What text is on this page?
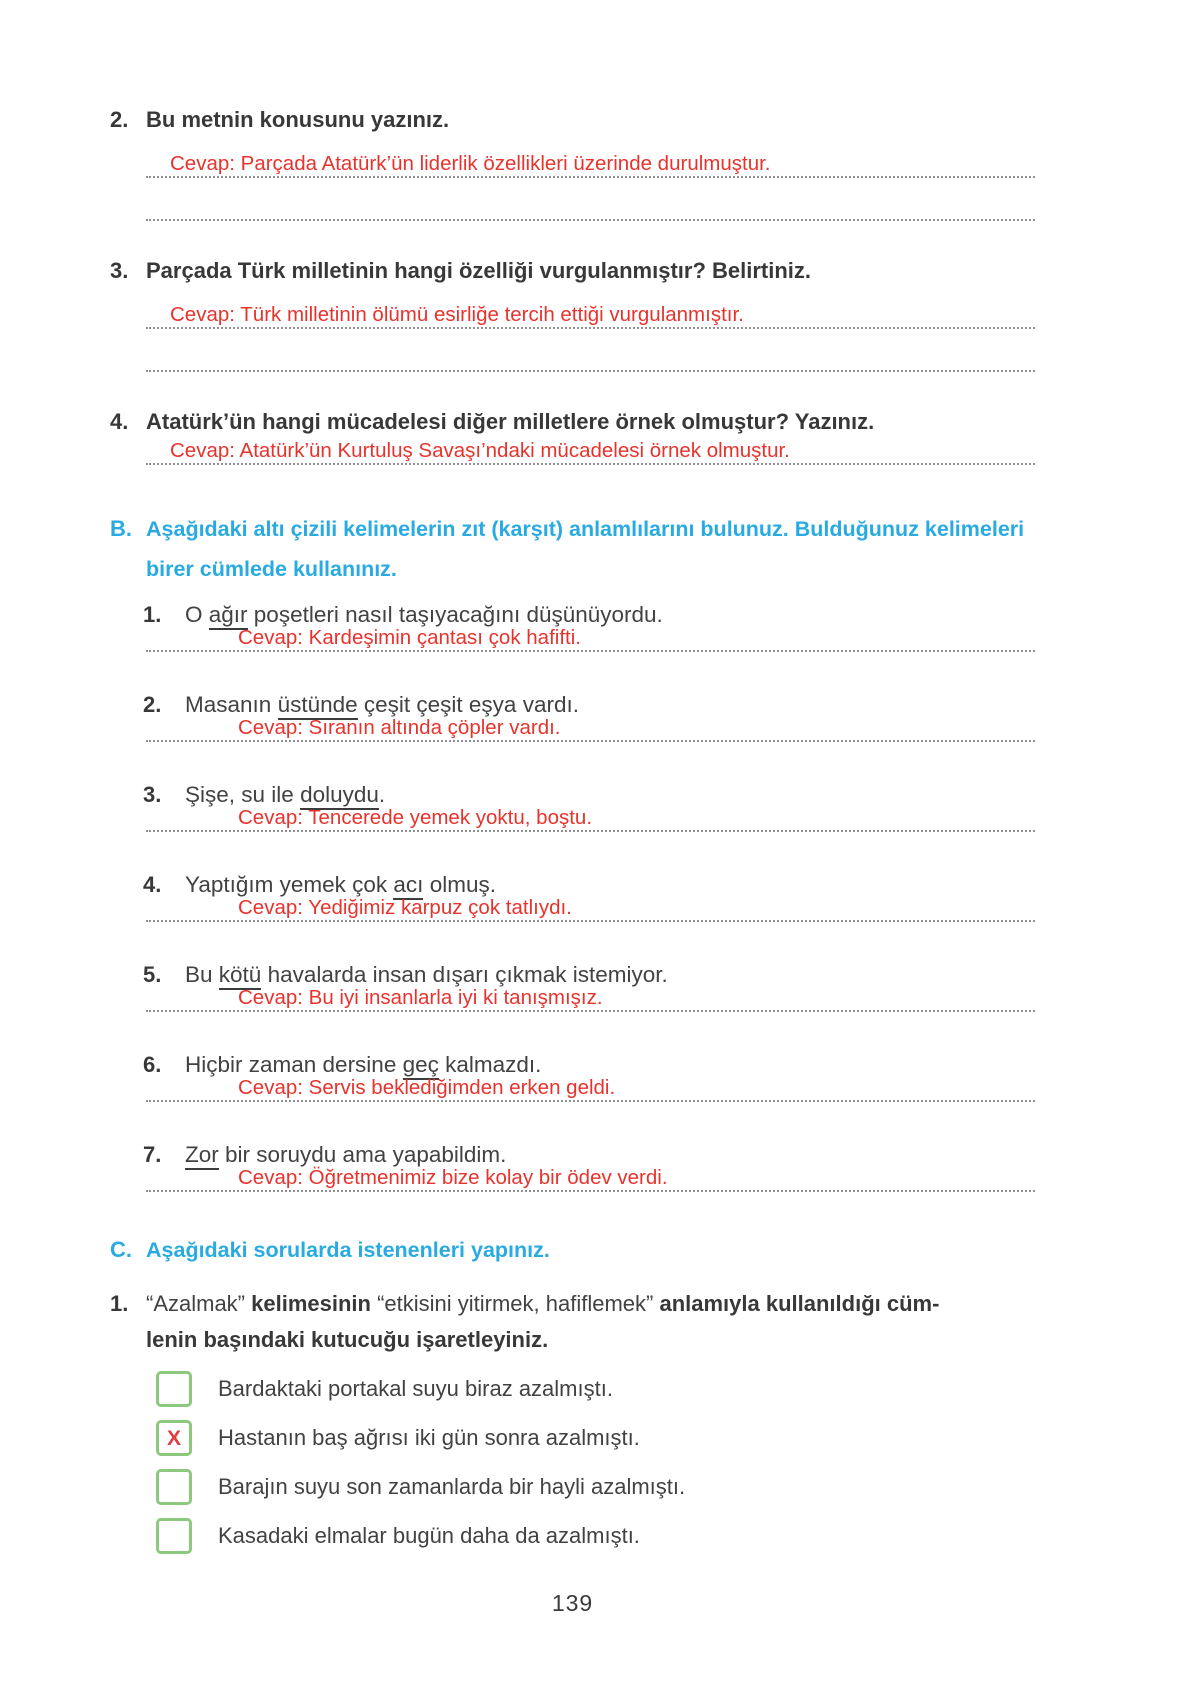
2. Bu metnin konusunu yazınız.
Cevap: Parçada Atatürk’ün liderlik özellikleri üzerinde durulmuştur.
3. Parçada Türk milletinin hangi özelliği vurgulanmıştır? Belirtiniz.
Cevap: Türk milletinin ölümü esirliğe tercih ettiği vurgulanmıştır.
4. Atatürk’ün hangi mücadelesi diğer milletlere örnek olmuştur? Yazınız.
Cevap: Atatürk’ün Kurtuluş Savaşı’ndaki mücadelesi örnek olmuştur.
B. Aşağıdaki altı çizili kelimelerin zıt (karşıt) anlamlılarını bulunuz. Bulduğunuz kelimeleri birer cümlede kullanınız.
1.	O ağır poşetleri nasıl taşıyacağını düşünüyordu.
Cevap: Kardeşimin çantası çok hafifti.
2.	Masanın üstünde çeşit çeşit eşya vardı.
Cevap: Sıranın altında çöpler vardı.
3.	Şişe, su ile doluydu.
Cevap: Tencerede yemek yoktu, boştu.
4.	Yaptığım yemek çok acı olmuş.
Cevap: Yediğimiz karpuz çok tatlıydı.
5.	Bu kötü havalarda insan dışarı çıkmak istemiyor.
Cevap: Bu iyi insanlarla iyi ki tanışmışız.
6.	Hiçbir zaman dersine geç kalmazdı.
Cevap: Servis beklediğimden erken geldi.
7.	Zor bir soruydu ama yapabildim.
Cevap: Öğretmenimiz bize kolay bir ödev verdi.
C. Aşağıdaki sorularda istenenleri yapınız.
1. “Azalmak” kelimesinin “etkisini yitirmek, hafiflemek” anlamıyla kullanıldığı cüm-
lenin başındaki kutucuğu işaretleyiniz.
Bardaktaki portakal suyu biraz azalmıştı.
X Hastanın baş ağrısı iki gün sonra azalmıştı.
Barajın suyu son zamanlarda bir hayli azalmıştı.
Kasadaki elmalar bugün daha da azalmıştı.
139
